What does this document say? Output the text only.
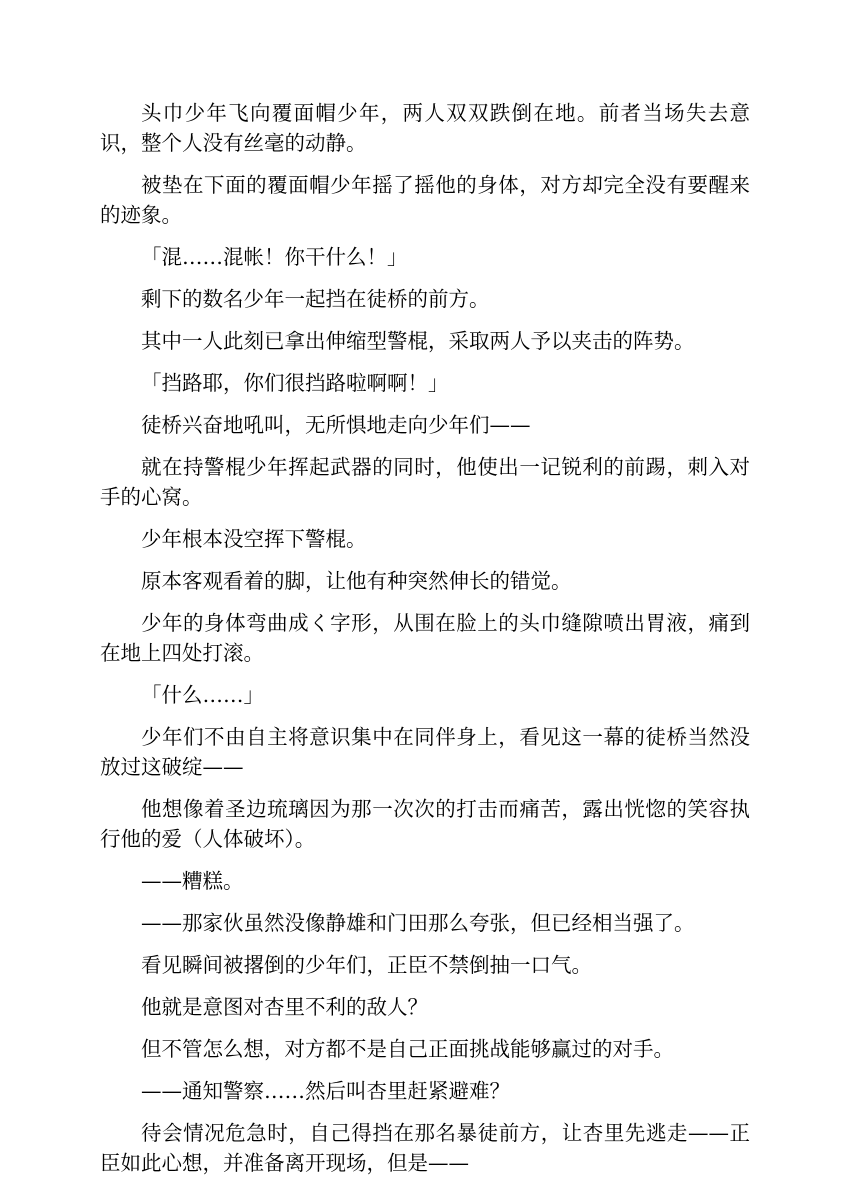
头巾少年飞向覆面帽少年，两人双双跌倒在地。前者当场失去意识，整个人没有丝毫的动静。

被垫在下面的覆面帽少年摇了摇他的身体，对方却完全没有要醒来的迹象。

「混……混帐！你干什么！」

剩下的数名少年一起挡在徒桥的前方。

其中一人此刻已拿出伸缩型警棍，采取两人予以夹击的阵势。

「挡路耶，你们很挡路啦啊啊！」

徒桥兴奋地吼叫，无所惧地走向少年们——

就在持警棍少年挥起武器的同时，他使出一记锐利的前踢，刺入对手的心窝。

少年根本没空挥下警棍。

原本客观看着的脚，让他有种突然伸长的错觉。

少年的身体弯曲成く字形，从围在脸上的头巾缝隙喷出胃液，痛到在地上四处打滚。

「什么……」

少年们不由自主将意识集中在同伴身上，看见这一幕的徒桥当然没放过这破绽——

他想像着圣边琉璃因为那一次次的打击而痛苦，露出恍惚的笑容执行他的爱（人体破坏）。

——糟糕。

——那家伙虽然没像静雄和门田那么夸张，但已经相当强了。

看见瞬间被撂倒的少年们，正臣不禁倒抽一口气。

他就是意图对杏里不利的敌人？

但不管怎么想，对方都不是自己正面挑战能够赢过的对手。

——通知警察……然后叫杏里赶紧避难？

待会情况危急时，自己得挡在那名暴徒前方，让杏里先逃走——正臣如此心想，并准备离开现场，但是——
